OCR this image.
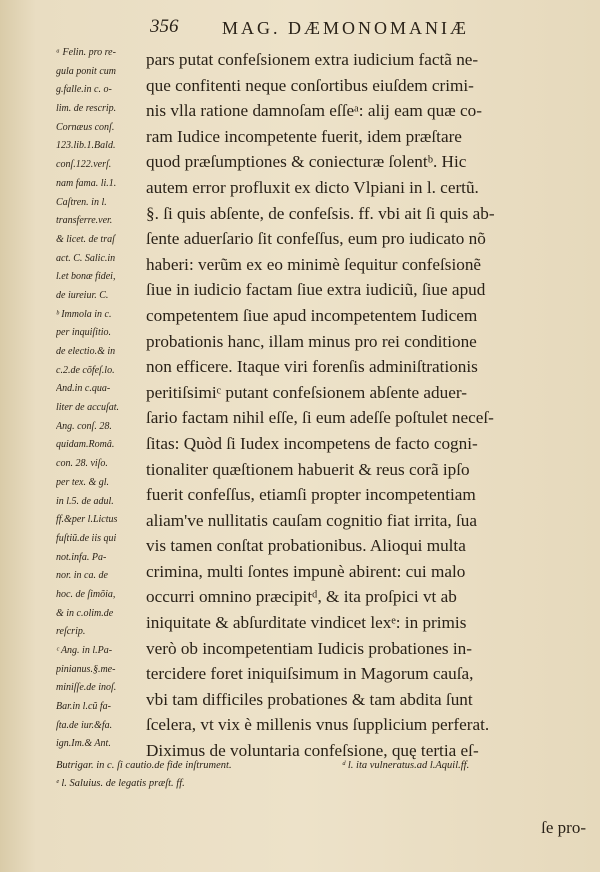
356 MAG. DÆMONOMANIÆ
ᵃ Felin. pro re-
gula ponit cum
g.falle.in c. o-
lim. de rescrip.
Cornæus conſ.
123.lib.1.Bald.
conſ.122.verſ.
nam fama. li.1.
Caſtren. in l.
transferre.ver.
& licet. de traſ
act. C. Salic.in
l.et bonæ fidei,
de iureiur. C.
ᵇ Immola in c.
per inquiſitio.
de electio.& in
c.2.de cõfeſ.lo.
And.in c.qua-
liter de accuſat.
Ang. conſ. 28.
quidam.Româ.
con. 28. viſo.
per tex. & gl.
in l.5. de adul.
ff.&per l.Lictus
fuſtiũ.de iis qui
not.infa. Pa-
nor. in ca. de
hoc. de ſimõia,
& in c.olim.de
reſcrip.
ᶜ Ang. in l.Pa-
pinianus.§.me-
miniſſe.de inoſ.
Bar.in l.cũ fa-
ſta.de iur.&fa.
ign.Im.& Ant.
pars putat confeſsionem extra iudicium factã ne-
que confitenti neque conſortibus eiuſdem crimi-
nis vlla ratione damnoſam eſſeᵃ: alij eam quæ co-
ram Iudice incompetente fuerit, idem præſtare
quod præſumptiones & coniecturæ ſolentᵇ. Hic
autem error profluxit ex dicto Vlpiani in l. certũ.
§. ſi quis abſente, de confeſsis. ff. vbi ait ſi quis ab-
ſente aduerſario ſit confeſſus, eum pro iudicato nõ
haberi: verũm ex eo minimè ſequitur confeſsionẽ
ſiue in iudicio factam ſiue extra iudiciũ, ſiue apud
competentem ſiue apud incompetentem Iudicem
probationis hanc, illam minus pro rei conditione
non efficere. Itaque viri forenſis adminiſtrationis
peritiſsimiᶜ putant confeſsionem abſente aduer-
ſario factam nihil eſſe, ſi eum adeſſe poſtulet neceſ-
ſitas: Quòd ſi Iudex incompetens de facto cogni-
tionaliter quæſtionem habuerit & reus corã ipſo
fuerit confeſſus, etiamſi propter incompetentiam
aliam've nullitatis cauſam cognitio fiat irrita, ſua
vis tamen conſtat probationibus. Alioqui multa
crimina, multi ſontes impunè abirent: cui malo
occurri omnino præcipitᵈ, & ita proſpici vt ab
iniquitate & abſurditate vindicet lexᵉ: in primis
verò ob incompetentiam Iudicis probationes in-
tercidere foret iniquiſsimum in Magorum cauſa,
vbi tam difficiles probationes & tam abdita ſunt
ſcelera, vt vix è millenis vnus ſupplicium perferat.
Diximus de voluntaria confeſsione, quę tertia eſ-
Butrigar. in c. ſi cautio.de fide inſtrument.	ᵈ l. ita vulneratus.ad l.Aquil.ff.
ᵉ l. Saluius. de legatis præſt. ff.
ſe pro-
